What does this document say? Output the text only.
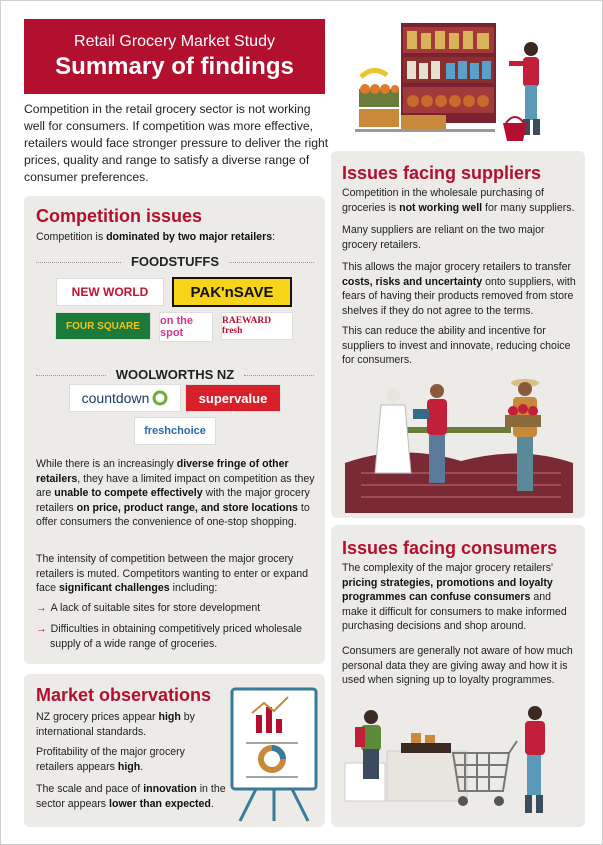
Retail Grocery Market Study
Summary of findings
Competition in the retail grocery sector is not working well for consumers. If competition was more effective, retailers would face stronger pressure to deliver the right prices, quality and range to satisfy a diverse range of consumer preferences.
Competition issues
Competition is dominated by two major retailers:
FOODSTUFFS
NEW WORLD	PAK'nSAVE
FOUR SQUARE on the spot
RAEWARD fresh
WOOLWORTHS NZ
countdown	supervalue
freshchoice
While there is an increasingly diverse fringe of other retailers, they have a limited impact on competition as they are unable to compete effectively with the major grocery retailers on price, product range, and store locations to offer consumers the convenience of one-stop shopping.
The intensity of competition between the major grocery retailers is muted. Competitors wanting to enter or expand face significant challenges including:
→ A lack of suitable sites for store development
→ Difficulties in obtaining competitively priced wholesale supply of a wide range of groceries.
Market observations
NZ grocery prices appear high by international standards.
Profitability of the major grocery retailers appears high.
The scale and pace of innovation in the sector appears lower than expected.
Issues facing suppliers
Competition in the wholesale purchasing of groceries is not working well for many suppliers.
Many suppliers are reliant on the two major grocery retailers.
This allows the major grocery retailers to transfer costs, risks and uncertainty onto suppliers, with fears of having their products removed from store shelves if they do not agree to the terms.
This can reduce the ability and incentive for suppliers to invest and innovate, reducing choice for consumers.
Issues facing consumers
The complexity of the major grocery retailers' pricing strategies, promotions and loyalty programmes can confuse consumers and make it difficult for consumers to make informed purchasing decisions and shop around.
Consumers are generally not aware of how much personal data they are giving away and how it is used when signing up to loyalty programmes.
